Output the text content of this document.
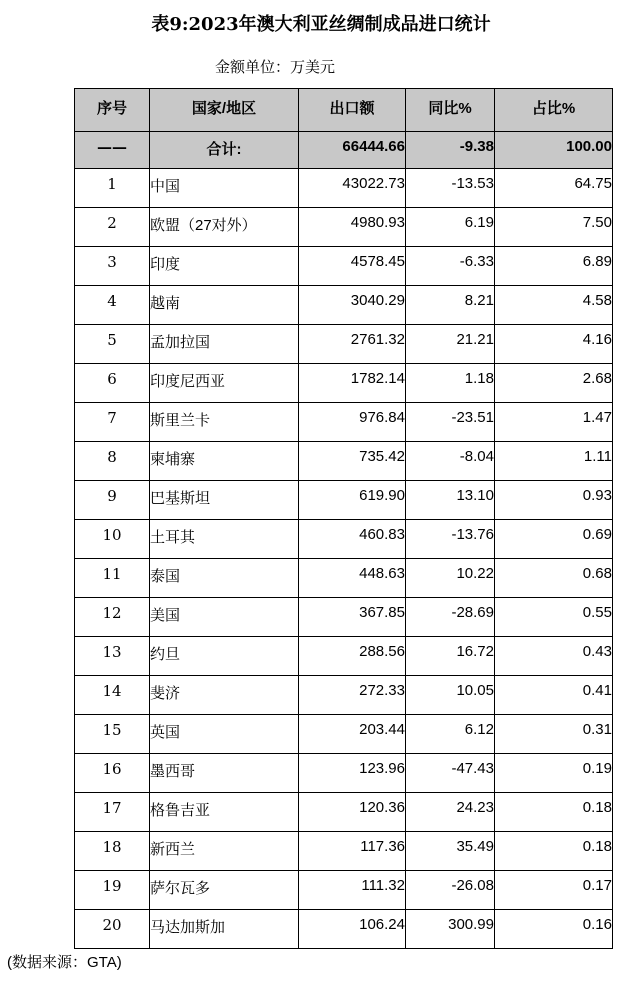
表9:2023年澳大利亚丝绸制成品进口统计
金额单位：万美元
序号	国家/地区	出口额	同比%	占比%
——	合计:	66444.66	-9.38	100.00
1	中国	43022.73	-13.53	64.75
2	欧盟（27对外）	4980.93	6.19	7.50
3	印度	4578.45	-6.33	6.89
4	越南	3040.29	8.21	4.58
5	孟加拉国	2761.32	21.21	4.16
6	印度尼西亚	1782.14	1.18	2.68
7	斯里兰卡	976.84	-23.51	1.47
8	柬埔寨	735.42	-8.04	1.11
9	巴基斯坦	619.90	13.10	0.93
10	土耳其	460.83	-13.76	0.69
11	泰国	448.63	10.22	0.68
12	美国	367.85	-28.69	0.55
13	约旦	288.56	16.72	0.43
14	斐济	272.33	10.05	0.41
15	英国	203.44	6.12	0.31
16	墨西哥	123.96	-47.43	0.19
17	格鲁吉亚	120.36	24.23	0.18
18	新西兰	117.36	35.49	0.18
19	萨尔瓦多	111.32	-26.08	0.17
20	马达加斯加	106.24	300.99	0.16
(数据来源：GTA)
